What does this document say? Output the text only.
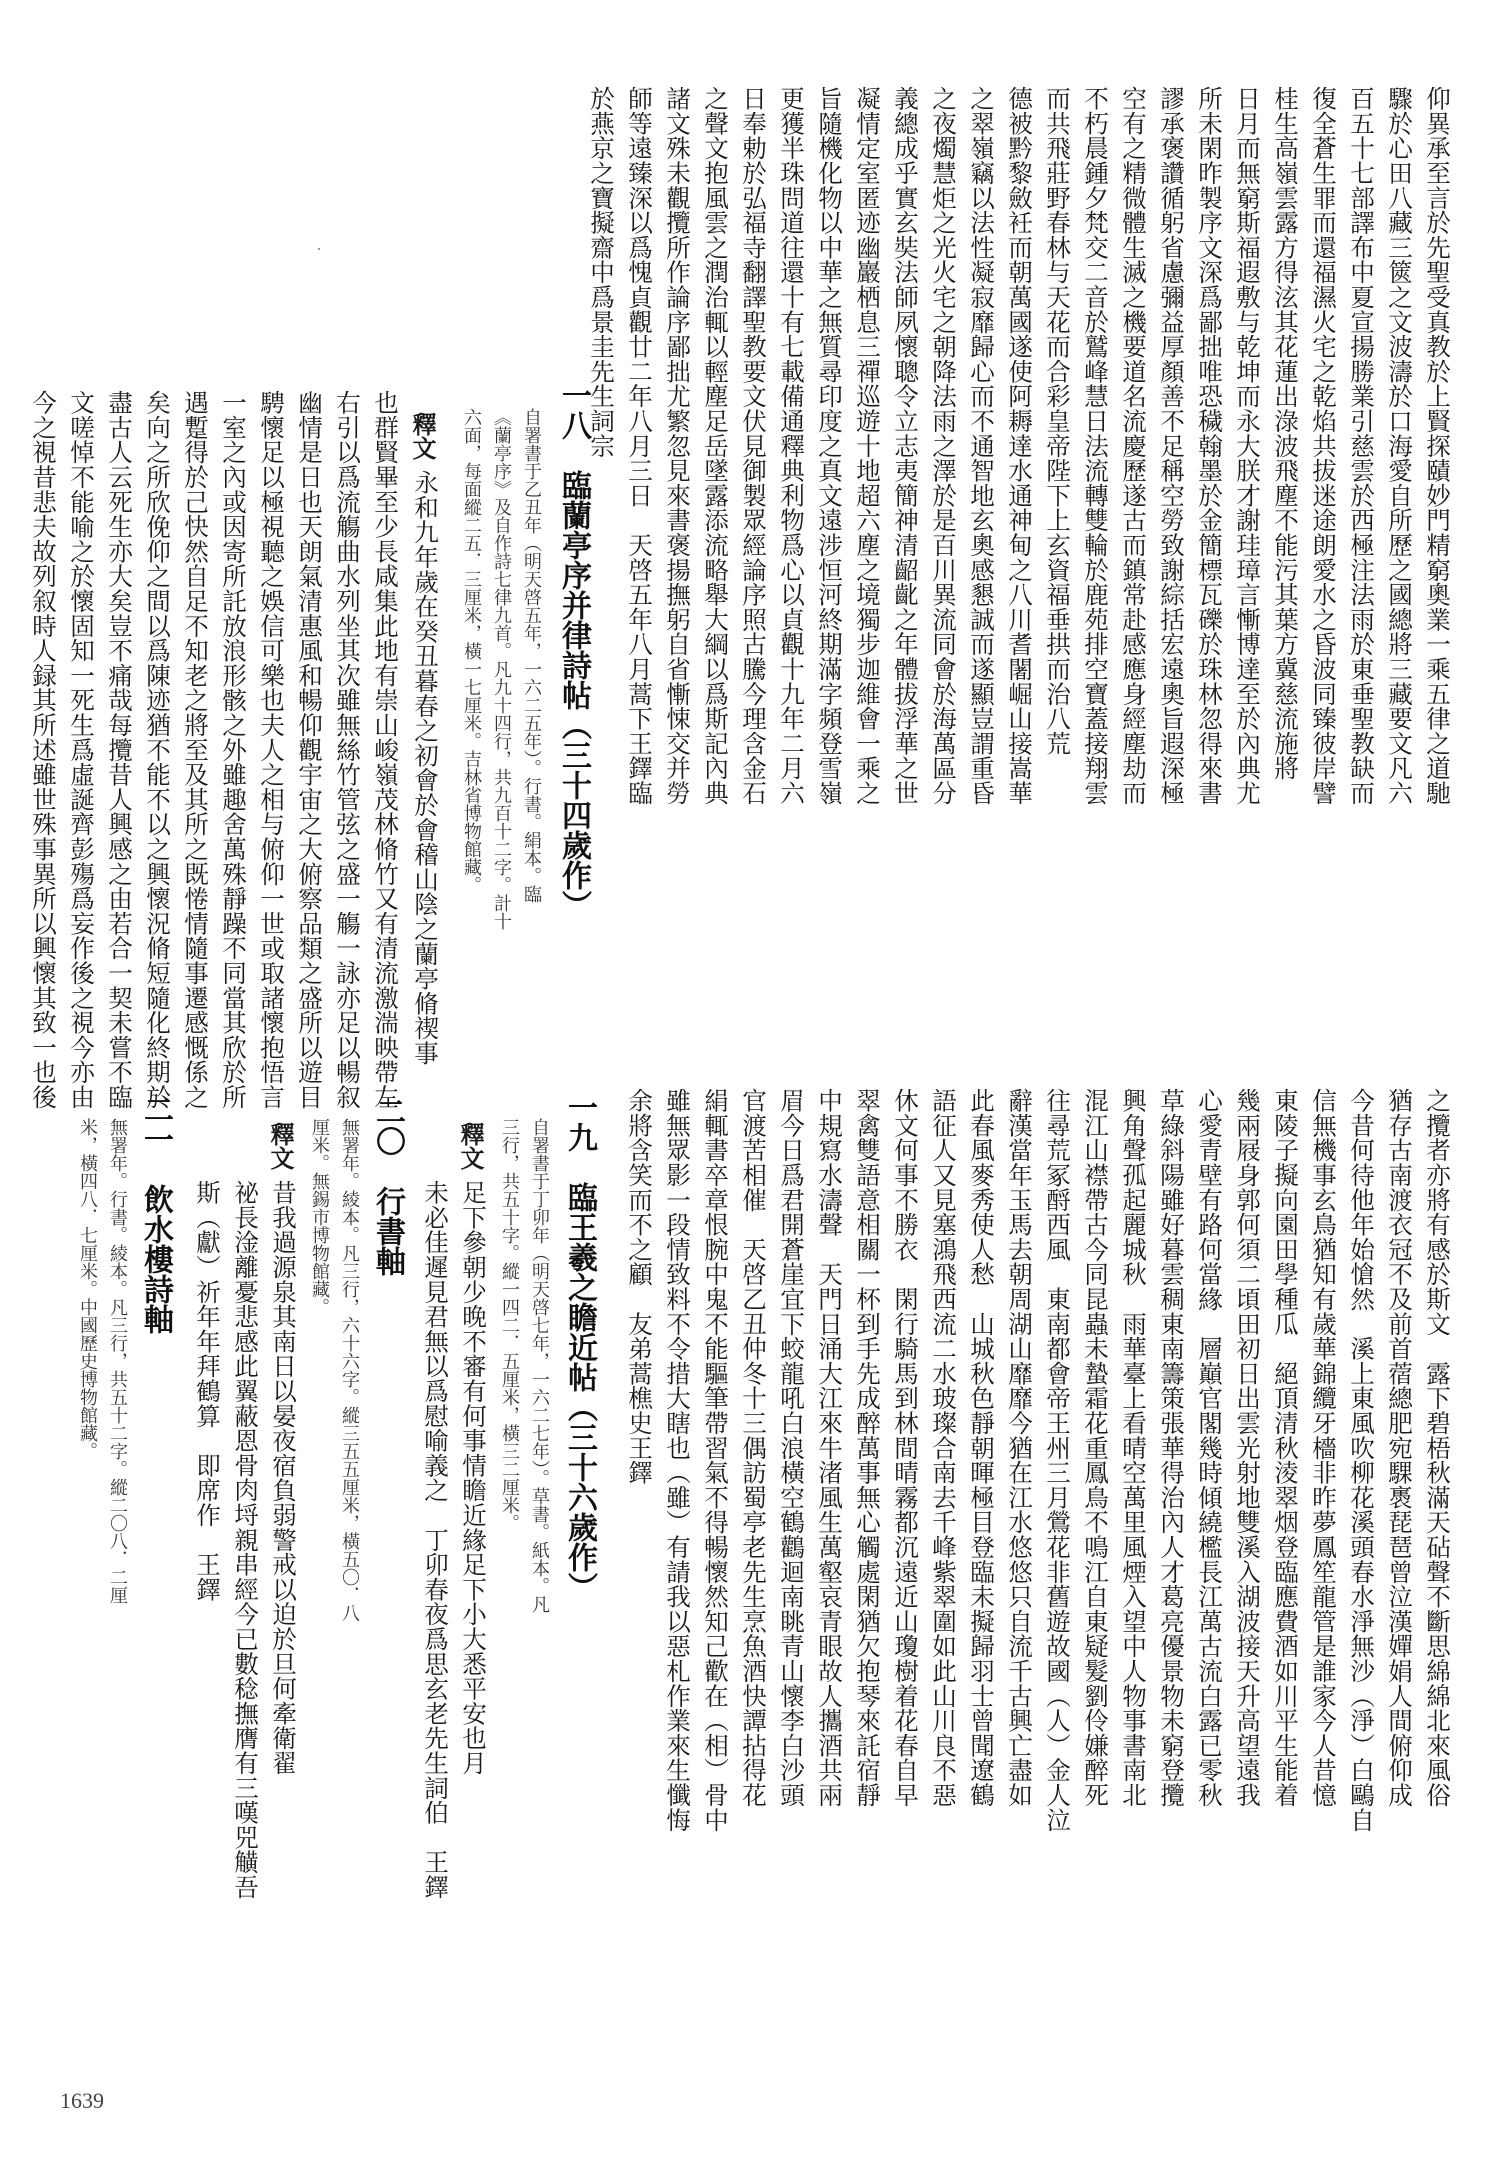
仰異承至言於先聖受真教於上賢探賾妙門精窮奧業一乘五律之道馳
驟於心田八藏三篋之文波濤於口海愛自所歷之國總將三藏要文凡六
百五十七部譯布中夏宣揚勝業引慈雲於西極注法雨於東垂聖教缺而
復全蒼生罪而還福濕火宅之乾焰共拔迷途朗愛水之昏波同臻彼岸譬
桂生高嶺雲露方得泫其花蓮出淥波飛塵不能污其葉方冀慈流施將
日月而無窮斯福遐敷与乾坤而永大朕才謝珪璋言慚博達至於內典尤
所未閑昨製序文深爲鄙拙唯恐穢翰墨於金簡標瓦礫於珠林忽得來書
謬承褒讚循躬省慮彌益厚顏善不足稱空勞致謝綜括宏遠奧旨遐深極
空有之精微體生滅之機要道名流慶歷遂古而鎮常赴感應身經塵劫而
不朽晨鍾夕梵交二音於鷲峰慧日法流轉雙輪於鹿苑排空寶蓋接翔雲
而共飛莊野春林与天花而合彩皇帝陛下上玄資福垂拱而治八荒
德被黔黎斂衽而朝萬國遂使阿耨達水通神甸之八川耆闍崛山接嵩華
之翠嶺竊以法性凝寂靡歸心而不通智地玄奧感懇誠而遂顯豈謂重昏
之夜燭慧炬之光火宅之朝降法雨之澤於是百川異流同會於海萬區分
義總成乎實玄奘法師夙懷聰令立志夷簡神清齠齔之年體拔浮華之世
凝情定室匿迹幽巖栖息三禪巡遊十地超六塵之境獨步迦維會一乘之
旨隨機化物以中華之無質尋印度之真文遠涉恒河終期滿字頻登雪嶺
更獲半珠問道往還十有七載備通釋典利物爲心以貞觀十九年二月六
日奉勅於弘福寺翻譯聖教要文伏見御製眾經論序照古騰今理含金石
之聲文抱風雲之潤治輒以輕塵足岳墜露添流略舉大綱以爲斯記內典
諸文殊未觀攬所作論序鄙拙尤繁忽見來書褒揚撫躬自省慚悚交并勞
師等遠臻深以爲愧貞觀廿二年八月三日　天啓五年八月蒿下王鐸臨
於燕京之寶擬齋中爲景圭先生詞宗
一八　臨蘭亭序并律詩帖（三十四歲作）
自署書于乙丑年（明天啓五年，一六二五年）。行書。絹本。臨
《蘭亭序》及自作詩七律九首。凡九十四行，共九百十二字。計十
六面，每面縱二五．三厘米，橫一七厘米。吉林省博物館藏。
釋文
永和九年歲在癸丑暮春之初會於會稽山陰之蘭亭脩禊事
也群賢畢至少長咸集此地有崇山峻嶺茂林脩竹又有清流激湍映帶左
右引以爲流觴曲水列坐其次雖無絲竹管弦之盛一觴一詠亦足以暢叙
幽情是日也天朗氣清惠風和暢仰觀宇宙之大俯察品類之盛所以遊目
騁懷足以極視聽之娛信可樂也夫人之相与俯仰一世或取諸懷抱悟言
一室之內或因寄所託放浪形骸之外雖趣舍萬殊靜躁不同當其欣於所
遇蹔得於己快然自足不知老之將至及其所之既惓情隨事遷感慨係之
矣向之所欣俛仰之間以爲陳迹猶不能不以之興懷況脩短隨化終期於
盡古人云死生亦大矣豈不痛哉每攬昔人興感之由若合一契未嘗不臨
文嗟悼不能喻之於懷固知一死生爲虛誕齊彭殤爲妄作後之視今亦由
今之視昔悲夫故列叙時人録其所述雖世殊事異所以興懷其致一也後
之攬者亦將有感於斯文　露下碧梧秋滿天砧聲不斷思綿綿北來風俗
猶存古南渡衣冠不及前首蓿總肥宛騍褭琵琶曾泣漢嬋娟人間俯仰成
今昔何待他年始愴然　溪上東風吹柳花溪頭春水淨無沙（淨）白鷗自
信無機事玄鳥猶知有歲華錦纜牙檣非昨夢鳳笙龍管是誰家今人昔憶
東陵子擬向園田學種瓜　絕頂清秋淩翠烟登臨應費酒如川平生能着
幾兩屐身郭何須二頃田初日出雲光射地雙溪入湖波接天升高望遠我
心愛青壁有路何當緣　層巔官閣幾時傾繞檻長江萬古流白露已零秋
草綠斜陽雖好暮雲稠東南籌策張華得治內人才葛亮優景物未窮登攬
興角聲孤起麗城秋　雨華臺上看晴空萬里風煙入望中人物事書南北
混江山襟帶古今同昆蟲未蟄霜花重鳳鳥不鳴江自東疑髮劉伶嫌醉死
往尋荒冢酹西風　東南都會帝王州三月鶯花非舊遊故國（人）金人泣
辭漢當年玉馬去朝周湖山靡靡今猶在江水悠悠只自流千古興亡盡如
此春風麥秀使人愁　山城秋色靜朝暉極目登臨未擬歸羽士曾聞遼鶴
語征人又見塞鴻飛西流二水玻璨合南去千峰紫翠圍如此山川良不惡
休文何事不勝衣　閑行騎馬到林間晴霧都沉遠近山瓊樹着花春自早
翠禽雙語意相關一杯到手先成醉萬事無心觸處閑猶欠抱琴來託宿靜
中規寫水濤聲　天門日涌大江來牛渚風生萬壑哀青眼故人攜酒共兩
眉今日爲君開蒼崖宜下蛟龍吼白浪橫空鶴鸛迴南眺青山懷李白沙頭
官渡苦相催　天啓乙丑仲冬十三偶訪蜀亭老先生烹魚酒快譚拈得花
絹輒書卒章恨腕中鬼不能驅筆帶習氣不得暢懷然知己歡在（相）骨中
雖無眾影一段情致料不令措大瞎也（雖）有請我以惡札作業來生懺悔
余將含笑而不之顧　友弟蒿樵史王鐸
一九　臨王羲之瞻近帖（三十六歲作）
自署書于丁卯年（明天啓七年，一六二七年）。草書。紙本。凡
三行，共五十字。縱一四二．五厘米，橫三二厘米。
釋文
足下參朝少晚不審有何事情瞻近緣足下小大悉平安也月
未必佳遲見君無以爲慰喻義之　丁卯春夜爲思玄老先生詞伯　王鐸
二〇　行書軸
無署年。綾本。凡三行，六十六字。縱三五五厘米，橫五〇．八
厘米。無錫市博物館藏。
釋文
昔我過源泉其南日以晏夜宿負弱警戒以迫於旦何牽衛翟
祕長淦離憂悲感此翼蔽恩骨肉埒親串經今已數稔撫膺有三嘆兕觵吾
斯（獻）祈年年拜鶴算　即席作　王鐸
二一　飲水樓詩軸
無署年。行書。綾本。凡三行，共五十二字。縱二〇八．二厘
米，橫四八．七厘米。中國歷史博物館藏。
1639
